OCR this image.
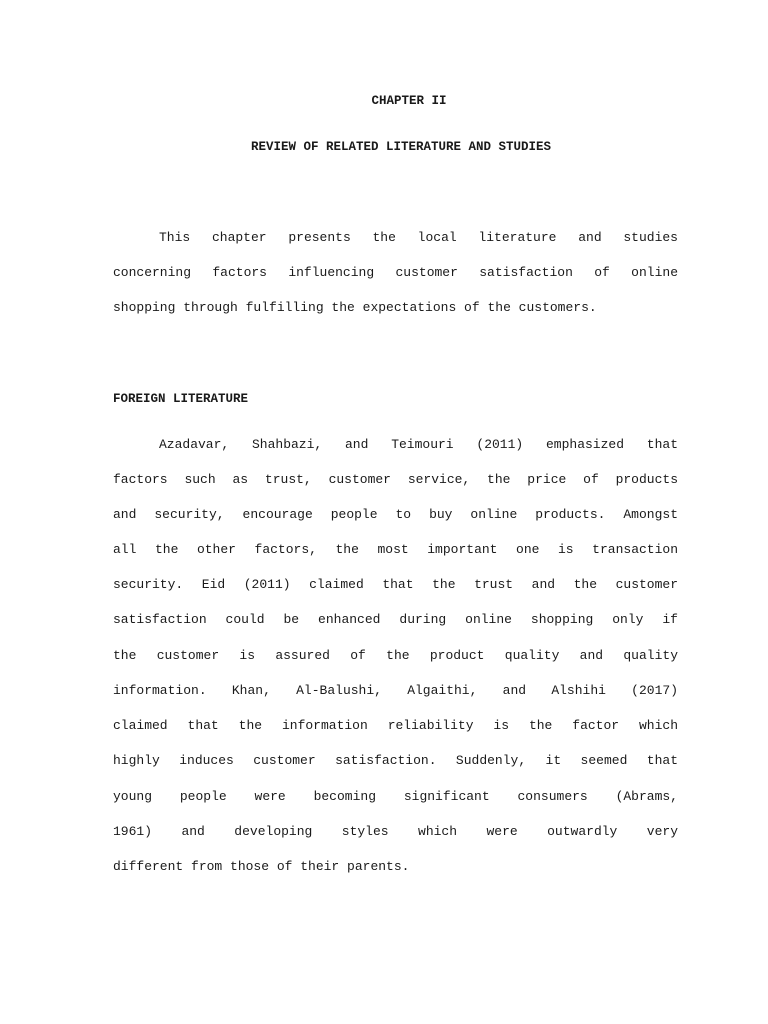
CHAPTER II

REVIEW OF RELATED LITERATURE AND STUDIES

This chapter presents the local literature and studies

concerning factors influencing customer satisfaction of online

shopping through fulfilling the expectations of the customers.

FOREIGN LITERATURE

Azadavar, Shahbazi, and Teimouri (2011) emphasized that

factors such as trust, customer service, the price of products

and security, encourage people to buy online products. Amongst

all the other factors, the most important one is transaction

security. Eid (2011) claimed that the trust and the customer

satisfaction could be enhanced during online shopping only if

the customer is assured of the product quality and quality

information. Khan, Al-Balushi, Algaithi, and Alshihi (2017)

claimed that the information reliability is the factor which

highly induces customer satisfaction. Suddenly, it seemed that

young people were becoming significant consumers (Abrams,

1961) and developing styles which were outwardly very

different from those of their parents.
